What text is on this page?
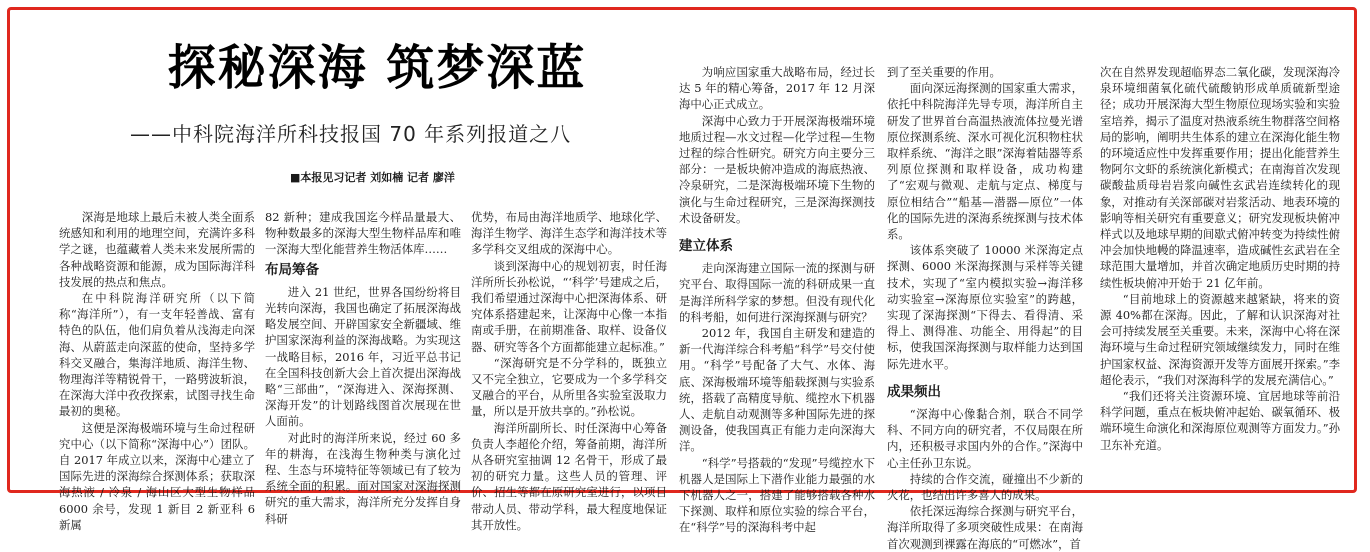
探秘深海 筑梦深蓝
——中科院海洋所科技报国 70 年系列报道之八
■本报见习记者 刘如楠 记者 廖洋

深海是地球上最后未被人类全面系统感知和利用的地理空间，充满许多科学之谜，也蕴藏着人类未来发展所需的各种战略资源和能源，成为国际海洋科技发展的热点和焦点。

在中科院海洋研究所（以下简称“海洋所”），有一支年轻善战、富有特色的队伍，他们肩负着从浅海走向深海、从蔚蓝走向深蓝的使命，坚持多学科交叉融合，集海洋地质、海洋生物、物理海洋等精锐骨干，一路劈波斩浪，在深海大洋中孜孜探索，试图寻找生命最初的奥秘。

这便是深海极端环境与生命过程研究中心（以下简称“深海中心”）团队。自 2017 年成立以来，深海中心建立了国际先进的深海综合探测体系；获取深海热液 / 冷泉 / 海山区大型生物样品 6000 余号，发现 1 新目 2 新亚科 6 新属

82 新种；建成我国迄今样品量最大、物种数最多的深海大型生物样品库和唯一深海大型化能营养生物活体库……

布局筹备

进入 21 世纪，世界各国纷纷将目光转向深海，我国也确定了拓展深海战略发展空间、开辟国家安全新疆域、维护国家深海利益的深海战略。为实现这一战略目标，2016 年，习近平总书记在全国科技创新大会上首次提出深海战略“三部曲”，“深海进入、深海探测、深海开发”的计划路线图首次展现在世人面前。

对此时的海洋所来说，经过 60 多年的耕海，在浅海生物种类与演化过程、生态与环境特征等领域已有了较为系统全面的积累。面对国家对深海探测研究的重大需求，海洋所充分发挥自身科研

优势，布局由海洋地质学、地球化学、海洋生物学、海洋生态学和海洋技术等多学科交叉组成的深海中心。

谈到深海中心的规划初衷，时任海洋所所长孙松说，“‘科学’号建成之后，我们希望通过深海中心把深海体系、研究体系搭建起来，让深海中心像一本指南或手册，在前期准备、取样、设备仪器、研究等各个方面都能建立起标准。”

“深海研究是不分学科的，既独立又不完全独立，它要成为一个多学科交叉融合的平台，从所里各实验室汲取力量，所以是开放共享的。”孙松说。

海洋所副所长、时任深海中心筹备负责人李超伦介绍，筹备前期，海洋所从各研究室抽调 12 名骨干，形成了最初的研究力量。这些人员的管理、评价、招生等都在原研究室进行，以项目带动人员、带动学科，最大程度地保证其开放性。

为响应国家重大战略布局，经过长达 5 年的精心筹备，2017 年 12 月深海中心正式成立。

深海中心致力于开展深海极端环境地质过程—水文过程—化学过程—生物过程的综合性研究。研究方向主要分三部分：一是板块俯冲造成的海底热液、冷泉研究，二是深海极端环境下生物的演化与生命过程研究，三是深海探测技术设备研发。

建立体系

走向深海建立国际一流的探测与研究平台、取得国际一流的科研成果一直是海洋所科学家的梦想。但没有现代化的科考船，如何进行深海探测与研究？

2012 年，我国自主研发和建造的新一代海洋综合科考船“科学”号交付使用。“科学”号配备了大气、水体、海底、深海极端环境等船载探测与实验系统，搭载了高精度导航、缆控水下机器人、走航自动观测等多种国际先进的探测设备，使我国真正有能力走向深海大洋。

“科学”号搭载的“发现”号缆控水下机器人是国际上下潜作业能力最强的水下机器人之一，搭建了能够搭载各种水下探测、取样和原位实验的综合平台，在“科学”号的深海科考中起

到了至关重要的作用。

面向深远海探测的国家重大需求，依托中科院海洋先导专项，海洋所自主研发了世界首台高温热液流体拉曼光谱原位探测系统、深水可视化沉积物柱状取样系统、“海洋之眼”深海着陆器等系列原位探测和取样设备，成功构建了“宏观与微观、走航与定点、梯度与原位相结合”“船基—潜器—原位”一体化的国际先进的深海系统探测与技术体系。

该体系突破了 10000 米深海定点探测、6000 米深海探测与采样等关键技术，实现了“室内模拟实验→海洋移动实验室→深海原位实验室”的跨越，实现了深海探测“下得去、看得清、采得上、测得准、功能全、用得起”的目标，使我国深海探测与取样能力达到国际先进水平。

成果频出

“深海中心像黏合剂，联合不同学科、不同方向的研究者，不仅局限在所内，还积极寻求国内外的合作。”深海中心主任孙卫东说。

持续的合作交流，碰撞出不少新的火花，也结出许多喜人的成果。

依托深远海综合探测与研究平台，海洋所取得了多项突破性成果：在南海首次观测到裸露在海底的“可燃冰”，首

次在自然界发现超临界态二氧化碳，发现深海冷泉环境细菌氧化硫代硫酸钠形成单质硫新型途径；成功开展深海大型生物原位现场实验和实验室培养，揭示了温度对热液系统生物群落空间格局的影响，阐明共生体系的建立在深海化能生物的环境适应性中发挥重要作用；提出化能营养生物阿尔文虾的系统演化新模式；在南海首次发现碳酸盐质母岩岩浆向碱性玄武岩连续转化的现象，对推动有关深部碳对岩浆活动、地表环境的影响等相关研究有重要意义；研究发现板块俯冲样式以及地球早期的间歇式俯冲转变为持续性俯冲会加快地幔的降温速率，造成碱性玄武岩在全球范围大量增加，并首次确定地质历史时期的持续性板块俯冲开始于 21 亿年前。

“目前地球上的资源越来越紧缺，将来的资源 40%都在深海。因此，了解和认识深海对社会可持续发展至关重要。未来，深海中心将在深海环境与生命过程研究领域继续发力，同时在维护国家权益、深海资源开发等方面展开探索。”李超伦表示，“我们对深海科学的发展充满信心。”

“我们还将关注资源环境、宜居地球等前沿科学问题，重点在板块俯冲起始、碳氧循环、极端环境生命演化和深海原位观测等方面发力。”孙卫东补充道。
